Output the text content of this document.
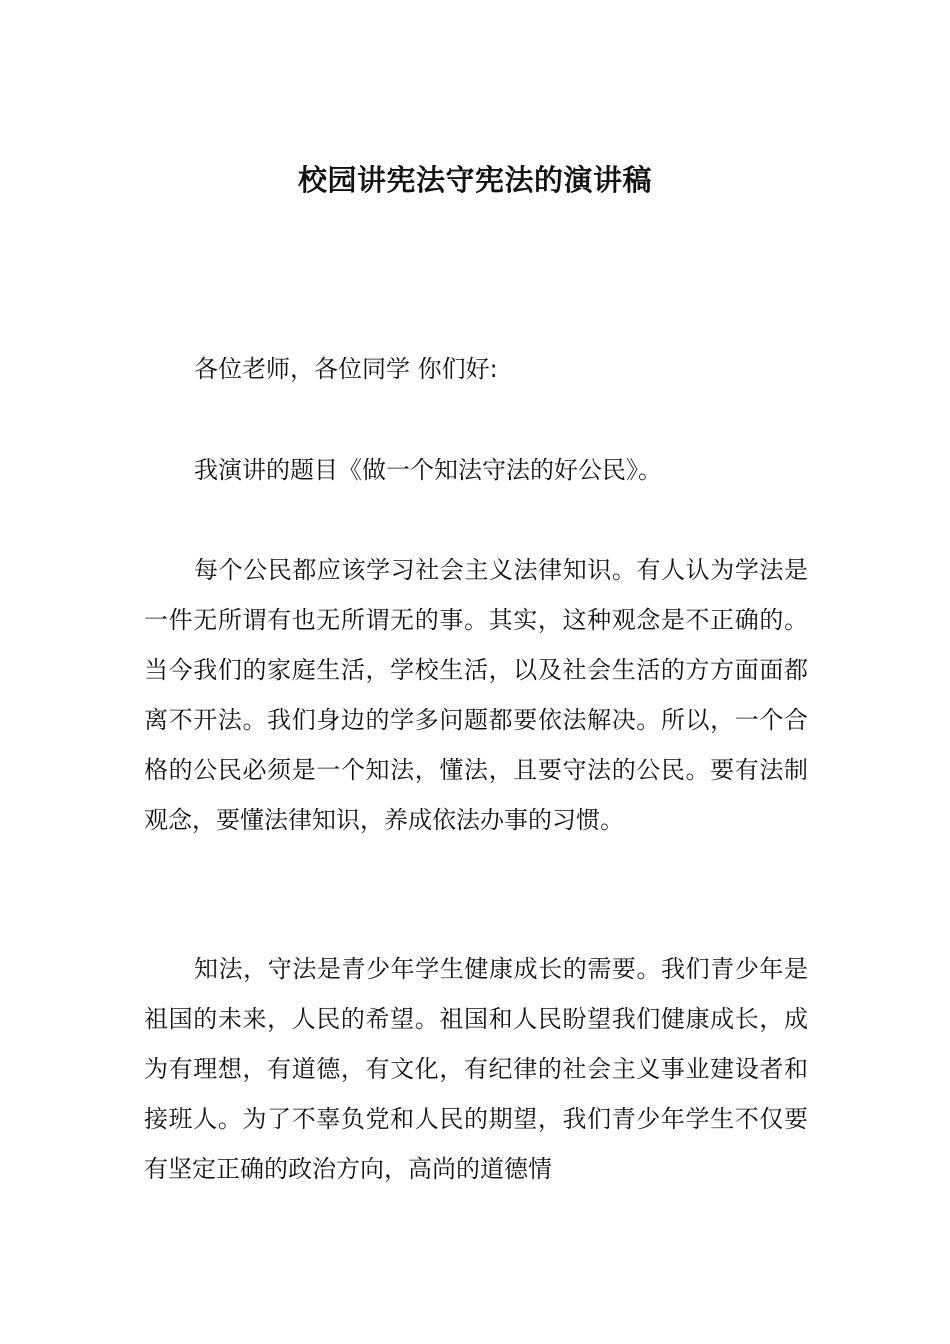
校园讲宪法守宪法的演讲稿

各位老师，各位同学 你们好:

我演讲的题目《做一个知法守法的好公民》。

每个公民都应该学习社会主义法律知识。有人认为学法是一件无所谓有也无所谓无的事。其实，这种观念是不正确的。当今我们的家庭生活，学校生活，以及社会生活的方方面面都离不开法。我们身边的学多问题都要依法解决。所以，一个合格的公民必须是一个知法，懂法，且要守法的公民。要有法制观念，要懂法律知识，养成依法办事的习惯。

知法，守法是青少年学生健康成长的需要。我们青少年是祖国的未来，人民的希望。祖国和人民盼望我们健康成长，成为有理想，有道德，有文化，有纪律的社会主义事业建设者和接班人。为了不辜负党和人民的期望，我们青少年学生不仅要有坚定正确的政治方向，高尚的道德情
